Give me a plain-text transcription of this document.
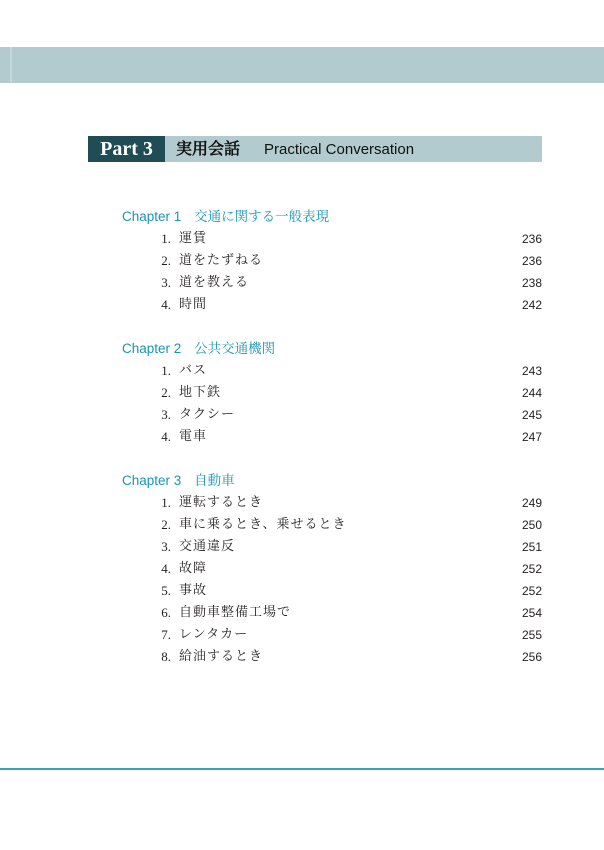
Part 3	実用会話 Practical Conversation
Chapter 1 交通に関する一般表現
1. 運賃	236
2. 道をたずねる	236
3. 道を教える	238
4. 時間	242
Chapter 2 公共交通機関
1. バス	243
2. 地下鉄	244
3. タクシー	245
4. 電車	247
Chapter 3 自動車
1. 運転するとき	249
2. 車に乗るとき、乗せるとき	250
3. 交通違反	251
4. 故障	252
5. 事故	252
6. 自動車整備工場で	254
7. レンタカー	255
8. 給油するとき	256
